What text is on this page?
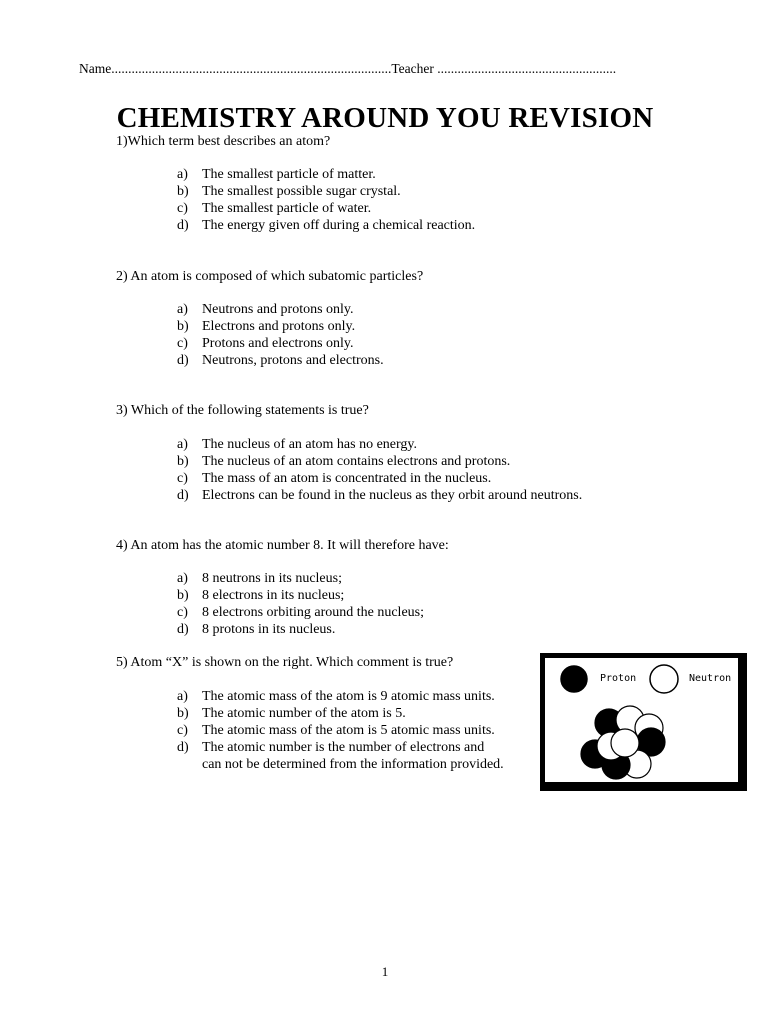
Name...................................................................................Teacher .....................................................
CHEMISTRY AROUND YOU REVISION
1)Which term best describes an atom?
a) The smallest particle of matter.
b) The smallest possible sugar crystal.
c) The smallest particle of water.
d) The energy given off during a chemical reaction.
2) An atom is composed of which subatomic particles?
a) Neutrons and protons only.
b) Electrons and protons only.
c) Protons and electrons only.
d) Neutrons, protons and electrons.
3) Which of the following statements is true?
a) The nucleus of an atom has no energy.
b) The nucleus of an atom contains electrons and protons.
c) The mass of an atom is concentrated in the nucleus.
d) Electrons can be found in the nucleus as they orbit around neutrons.
4) An atom has the atomic number 8. It will therefore have:
a) 8 neutrons in its nucleus;
b) 8 electrons in its nucleus;
c) 8 electrons orbiting around the nucleus;
d) 8 protons in its nucleus.
5) Atom “X” is shown on the right. Which comment is true?
a) The atomic mass of the atom is 9 atomic mass units.
b) The atomic number of the atom is 5.
c) The atomic mass of the atom is 5 atomic mass units.
d) The atomic number is the number of electrons and
can not be determined from the information provided.
Proton	Neutron
1
